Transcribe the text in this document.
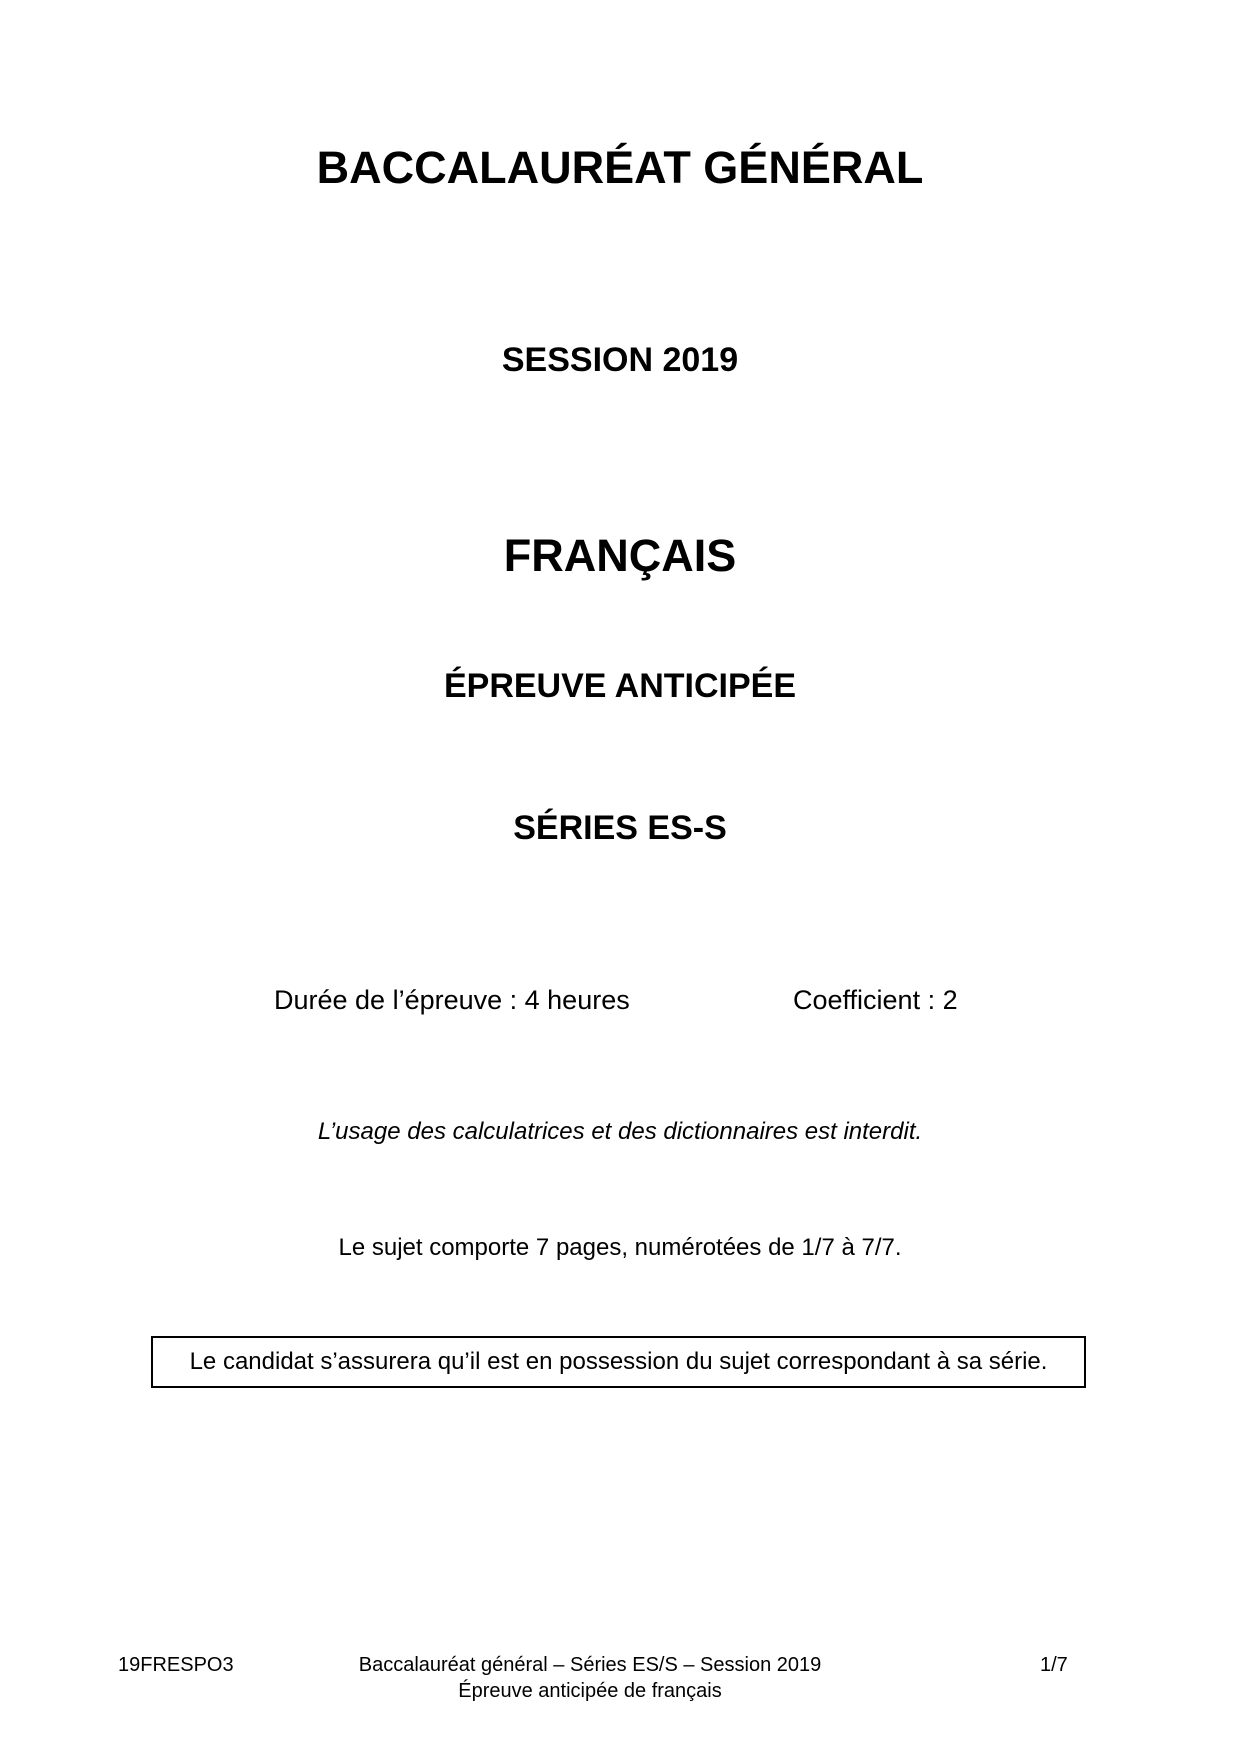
BACCALAURÉAT GÉNÉRAL
SESSION 2019
FRANÇAIS
ÉPREUVE ANTICIPÉE
SÉRIES ES-S
Durée de l’épreuve : 4 heures	Coefficient : 2
L’usage des calculatrices et des dictionnaires est interdit.
Le sujet comporte 7 pages, numérotées de 1/7 à 7/7.
Le candidat s’assurera qu’il est en possession du sujet correspondant à sa série.
19FRESPO3	Baccalauréat général – Séries ES/S – Session 2019
Épreuve anticipée de français
1/7
